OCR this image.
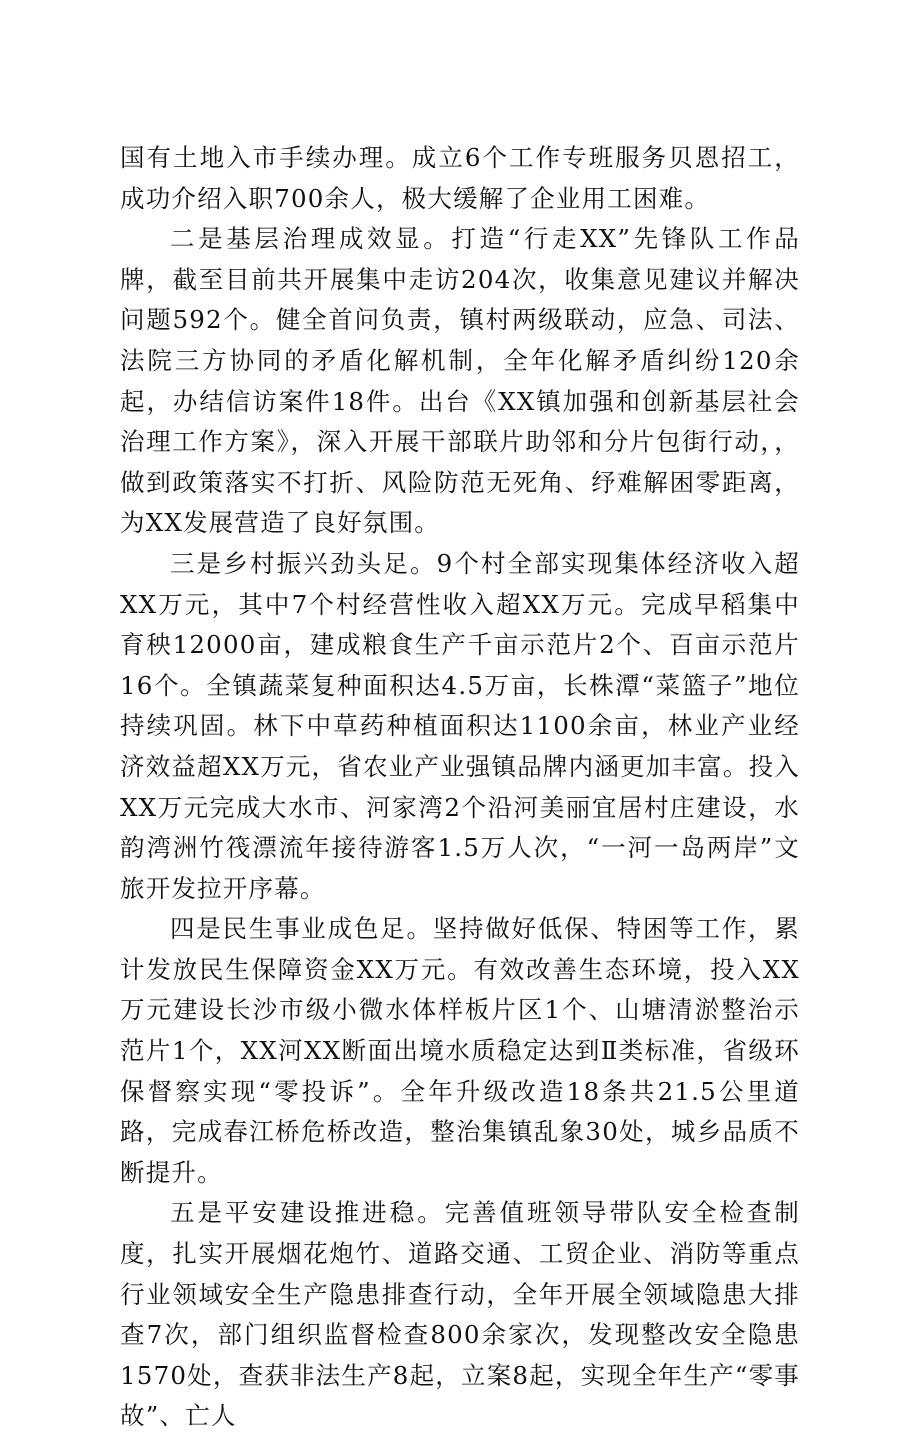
国有土地入市手续办理。成立6个工作专班服务贝恩招工，成功介绍入职700余人，极大缓解了企业用工困难。

二是基层治理成效显。打造“行走XX”先锋队工作品牌，截至目前共开展集中走访204次，收集意见建议并解决问题592个。健全首问负责，镇村两级联动，应急、司法、法院三方协同的矛盾化解机制，全年化解矛盾纠纷120余起，办结信访案件18件。出台《XX镇加强和创新基层社会治理工作方案》，深入开展干部联片助邻和分片包街行动，，做到政策落实不打折、风险防范无死角、纾难解困零距离，为XX发展营造了良好氛围。

三是乡村振兴劲头足。9个村全部实现集体经济收入超XX万元，其中7个村经营性收入超XX万元。完成早稻集中育秧12000亩，建成粮食生产千亩示范片2个、百亩示范片16个。全镇蔬菜复种面积达4.5万亩，长株潭“菜篮子”地位持续巩固。林下中草药种植面积达1100余亩，林业产业经济效益超XX万元，省农业产业强镇品牌内涵更加丰富。投入XX万元完成大水市、河家湾2个沿河美丽宜居村庄建设，水韵湾洲竹筏漂流年接待游客1.5万人次，“一河一岛两岸”文旅开发拉开序幕。

四是民生事业成色足。坚持做好低保、特困等工作，累计发放民生保障资金XX万元。有效改善生态环境，投入XX万元建设长沙市级小微水体样板片区1个、山塘清淤整治示范片1个，XX河XX断面出境水质稳定达到Ⅱ类标准，省级环保督察实现“零投诉”。全年升级改造18条共21.5公里道路，完成春江桥危桥改造，整治集镇乱象30处，城乡品质不断提升。

五是平安建设推进稳。完善值班领导带队安全检查制度，扎实开展烟花炮竹、道路交通、工贸企业、消防等重点行业领域安全生产隐患排查行动，全年开展全领域隐患大排查7次，部门组织监督检查800余家次，发现整改安全隐患1570处，查获非法生产8起，立案8起，实现全年生产“零事故”、亡人
